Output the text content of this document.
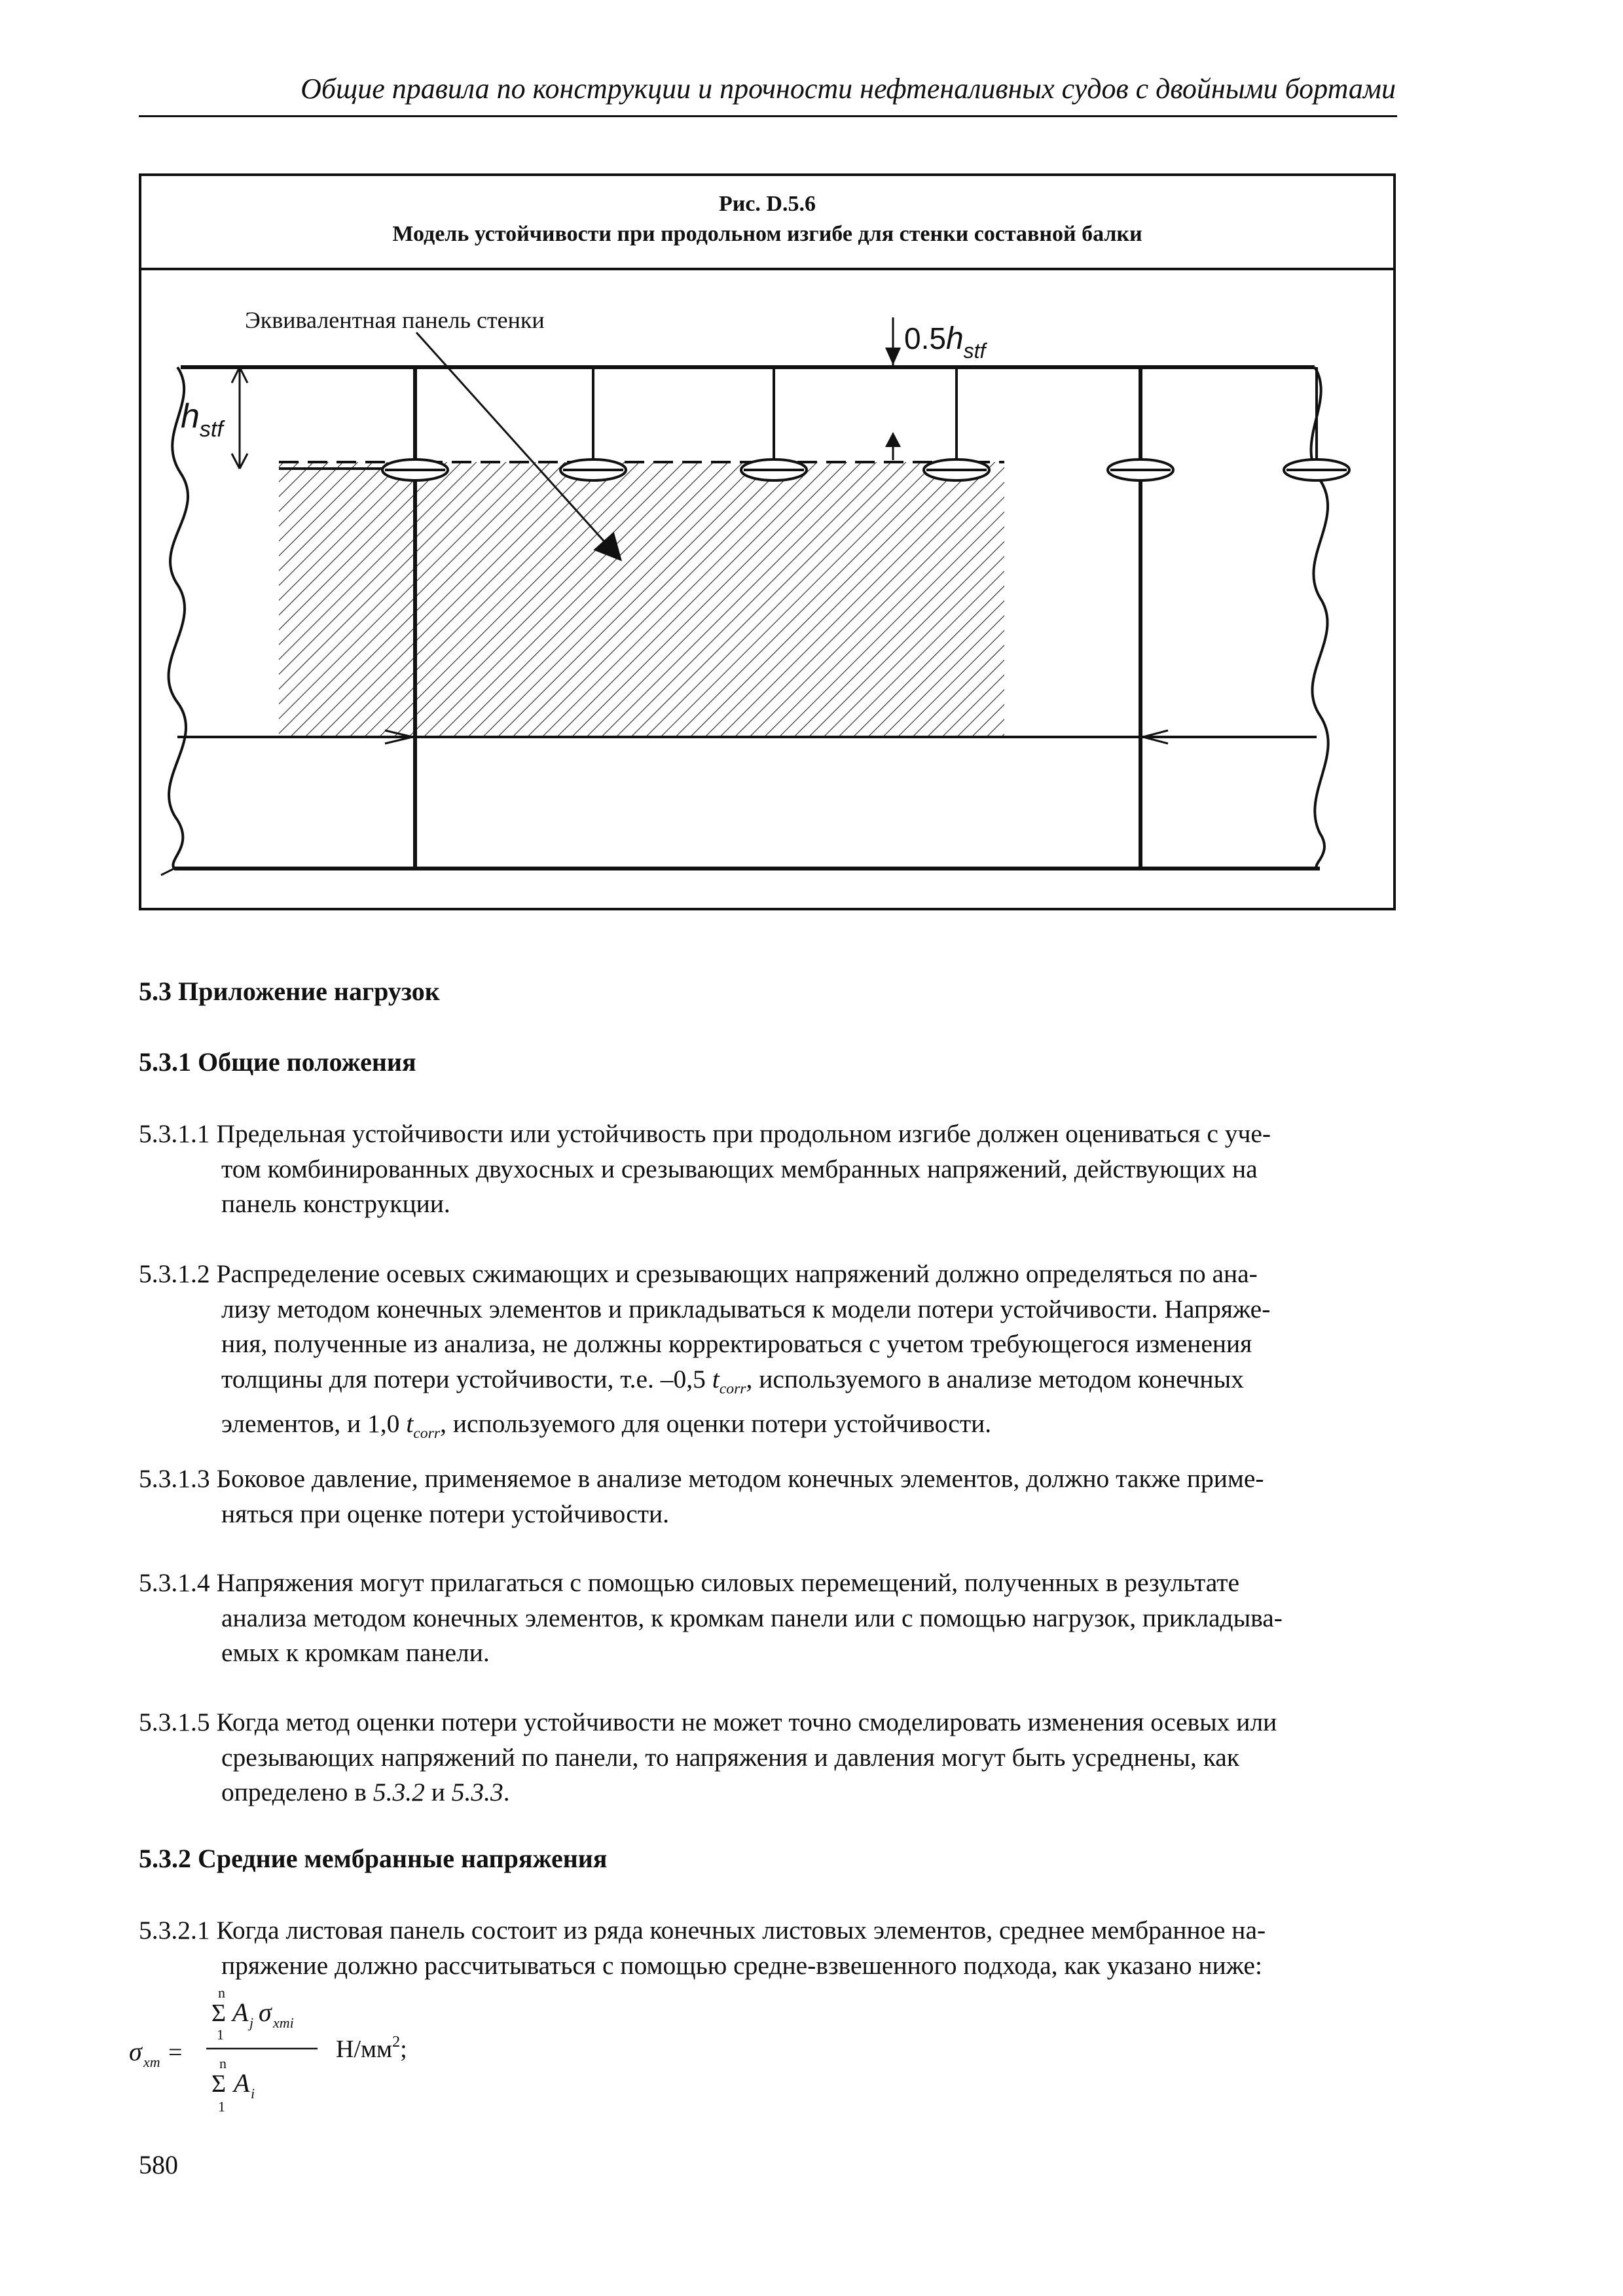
Общие правила по конструкции и прочности нефтеналивных судов с двойными бортами
Рис. D.5.6
Модель устойчивости при продольном изгибе для стенки составной балки
$h_{stf}$
$0.5h_{stf}$
Эквивалентная панель стенки
5.3 Приложение нагрузок
5.3.1 Общие положения
5.3.1.1 Предельная устойчивости или устойчивость при продольном изгибе должен оцениваться с уче-
том комбинированных двухосных и срезывающих мембранных напряжений, действующих на
панель конструкции.
5.3.1.2 Распределение осевых сжимающих и срезывающих напряжений должно определяться по ана-
лизу методом конечных элементов и прикладываться к модели потери устойчивости. Напряже-
ния, полученные из анализа, не должны корректироваться с учетом требующегося изменения
толщины для потери устойчивости, т.е. –0,5 $t_{corr}$, используемого в анализе методом конечных
элементов, и 1,0 $t_{corr}$, используемого для оценки потери устойчивости.
5.3.1.3 Боковое давление, применяемое в анализе методом конечных элементов, должно также приме-
няться при оценке потери устойчивости.
5.3.1.4 Напряжения могут прилагаться с помощью силовых перемещений, полученных в результате
анализа методом конечных элементов, к кромкам панели или с помощью нагрузок, прикладыва-
емых к кромкам панели.
5.3.1.5 Когда метод оценки потери устойчивости не может точно смоделировать изменения осевых или
срезывающих напряжений по панели, то напряжения и давления могут быть усреднены, как
определено в 5.3.2 и 5.3.3.
5.3.2 Средние мембранные напряжения
5.3.2.1 Когда листовая панель состоит из ряда конечных листовых элементов, среднее мембранное на-
пряжение должно рассчитываться с помощью средне-взвешенного подхода, как указано ниже:
σ xm =
n
Σ
1
A j σ xmi
n
Σ
1
A i
$Н/мм^2$;
580
